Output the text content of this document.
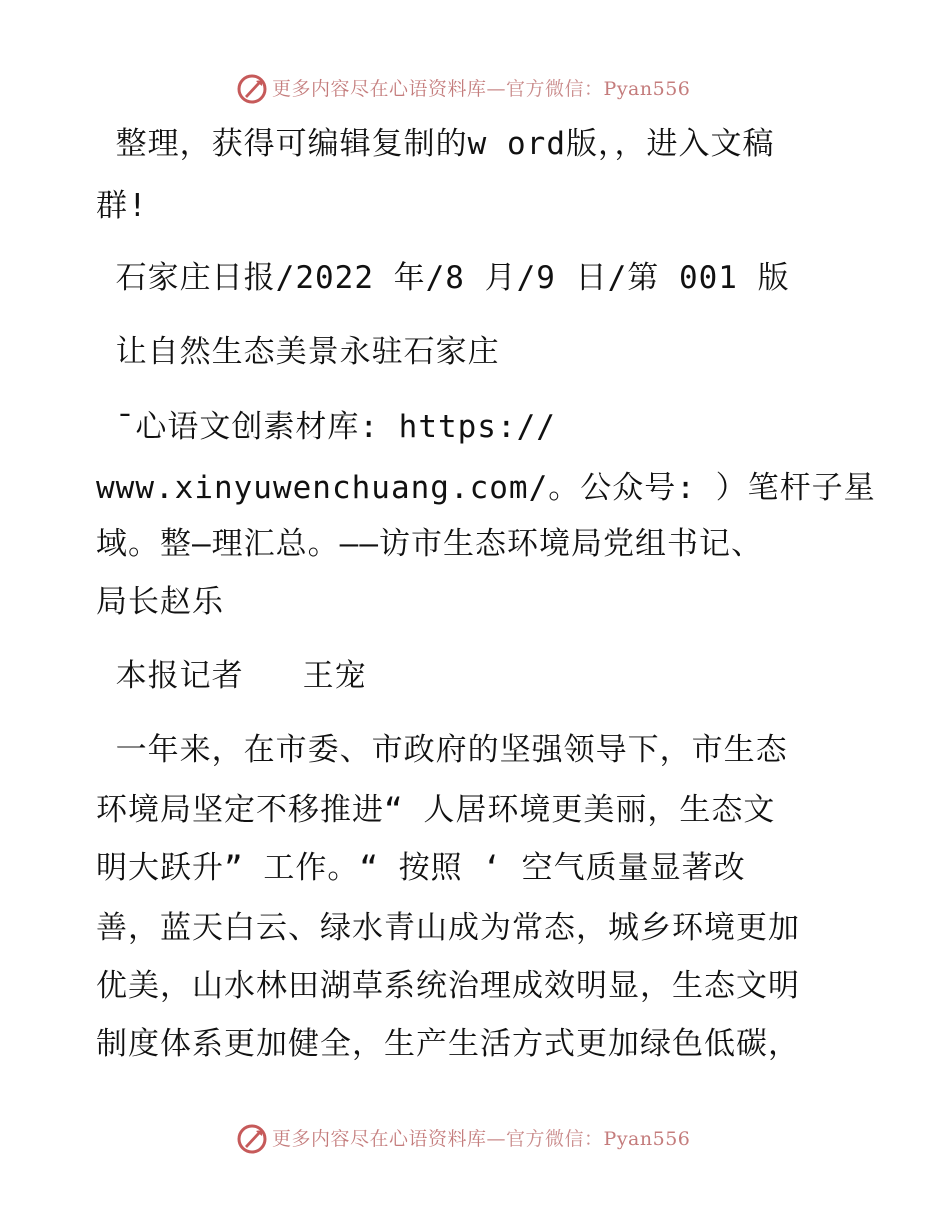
更多内容尽在心语资料库—官方微信：Pyan556
整理，获得可编辑复制的w ord版，，进入文稿
群!
石家庄日报/2022 年/8 月/9 日/第 001 版
让自然生态美景永驻石家庄
¯心语文创素材库: https://
www.xinyuwenchuang.com/。公众号: ）笔杆子星
域。整—理汇总。——访市生态环境局党组书记、
局长赵乐
本报记者   王宠
一年来，在市委、市政府的坚强领导下，市生态
环境局坚定不移推进“ 人居环境更美丽，生态文
明大跃升” 工作。“ 按照 ‘ 空气质量显著改
善，蓝天白云、绿水青山成为常态，城乡环境更加
优美，山水林田湖草系统治理成效明显，生态文明
制度体系更加健全，生产生活方式更加绿色低碳，
更多内容尽在心语资料库—官方微信：Pyan556
